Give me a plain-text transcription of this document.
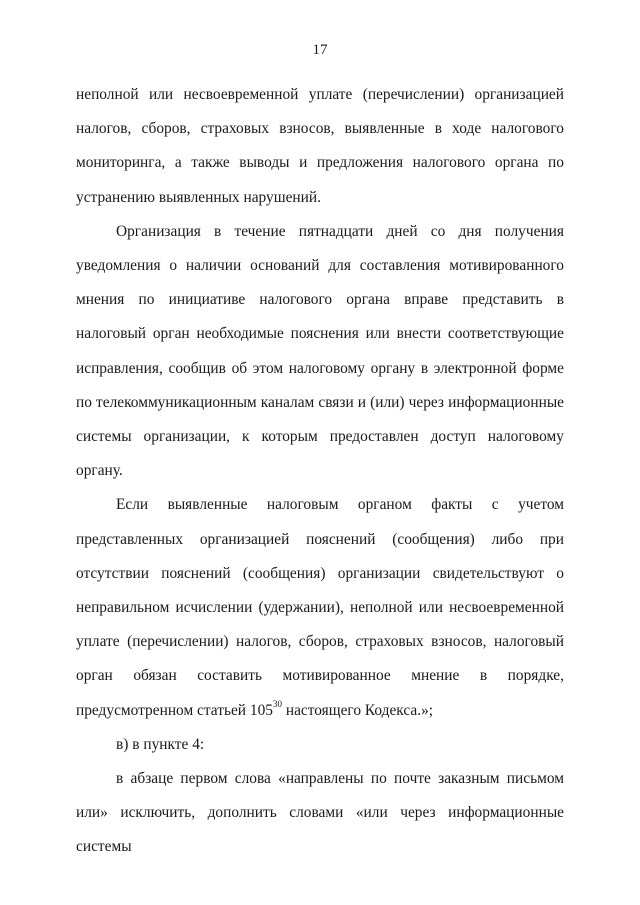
17

неполной или несвоевременной уплате (перечислении) организацией налогов, сборов, страховых взносов, выявленные в ходе налогового мониторинга, а также выводы и предложения налогового органа по устранению выявленных нарушений.

Организация в течение пятнадцати дней со дня получения уведомления о наличии оснований для составления мотивированного мнения по инициативе налогового органа вправе представить в налоговый орган необходимые пояснения или внести соответствующие исправления, сообщив об этом налоговому органу в электронной форме по телекоммуникационным каналам связи и (или) через информационные системы организации, к которым предоставлен доступ налоговому органу.

Если выявленные налоговым органом факты с учетом представленных организацией пояснений (сообщения) либо при отсутствии пояснений (сообщения) организации свидетельствуют о неправильном исчислении (удержании), неполной или несвоевременной уплате (перечислении) налогов, сборов, страховых взносов, налоговый орган обязан составить мотивированное мнение в порядке, предусмотренном статьей $105^{30}$ настоящего Кодекса.»;

в) в пункте 4:

в абзаце первом слова «направлены по почте заказным письмом или» исключить, дополнить словами «или через информационные системы
